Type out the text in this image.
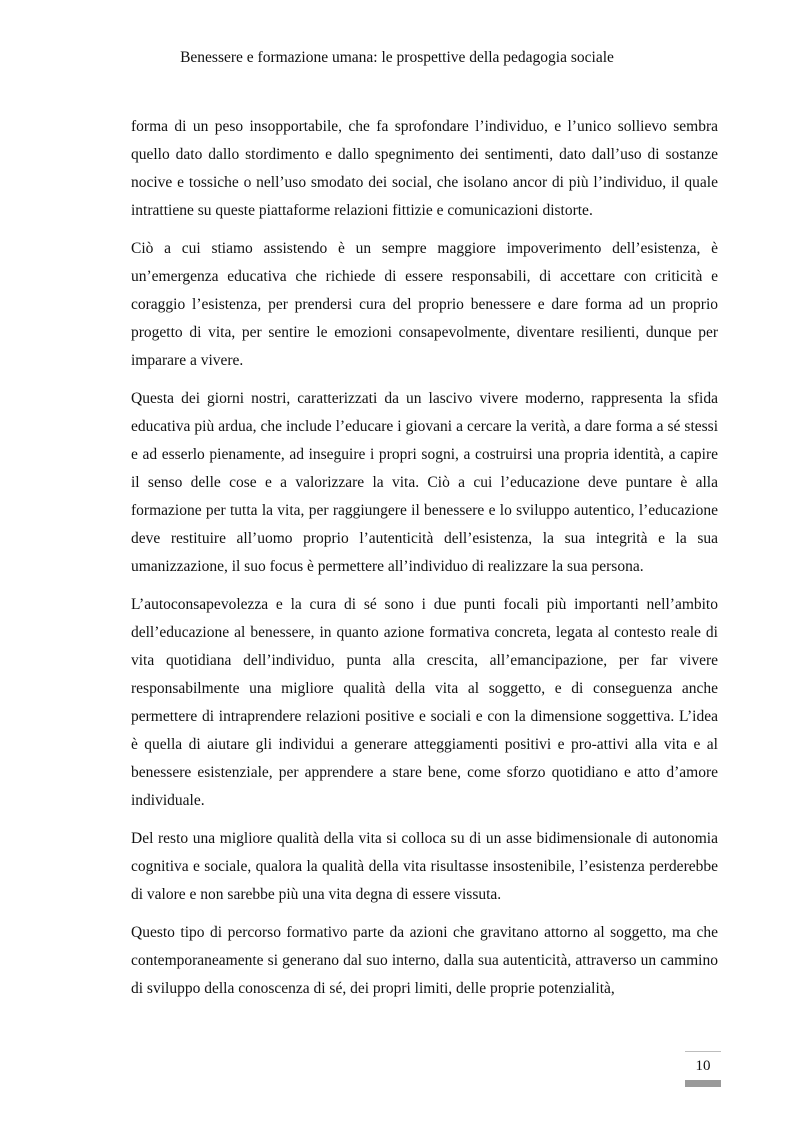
Benessere e formazione umana: le prospettive della pedagogia sociale

forma di un peso insopportabile, che fa sprofondare l’individuo, e l’unico sollievo sembra quello dato dallo stordimento e dallo spegnimento dei sentimenti, dato dall’uso di sostanze nocive e tossiche o nell’uso smodato dei social, che isolano ancor di più l’individuo, il quale intrattiene su queste piattaforme relazioni fittizie e comunicazioni distorte.

Ciò a cui stiamo assistendo è un sempre maggiore impoverimento dell’esistenza, è un’emergenza educativa che richiede di essere responsabili, di accettare con criticità e coraggio l’esistenza, per prendersi cura del proprio benessere e dare forma ad un proprio progetto di vita, per sentire le emozioni consapevolmente, diventare resilienti, dunque per imparare a vivere.

Questa dei giorni nostri, caratterizzati da un lascivo vivere moderno, rappresenta la sfida educativa più ardua, che include l’educare i giovani a cercare la verità, a dare forma a sé stessi e ad esserlo pienamente, ad inseguire i propri sogni, a costruirsi una propria identità, a capire il senso delle cose e a valorizzare la vita. Ciò a cui l’educazione deve puntare è alla formazione per tutta la vita, per raggiungere il benessere e lo sviluppo autentico, l’educazione deve restituire all’uomo proprio l’autenticità dell’esistenza, la sua integrità e la sua umanizzazione, il suo focus è permettere all’individuo di realizzare la sua persona.

L’autoconsapevolezza e la cura di sé sono i due punti focali più importanti nell’ambito dell’educazione al benessere, in quanto azione formativa concreta, legata al contesto reale di vita quotidiana dell’individuo, punta alla crescita, all’emancipazione, per far vivere responsabilmente una migliore qualità della vita al soggetto, e di conseguenza anche permettere di intraprendere relazioni positive e sociali e con la dimensione soggettiva. L’idea è quella di aiutare gli individui a generare atteggiamenti positivi e pro-attivi alla vita e al benessere esistenziale, per apprendere a stare bene, come sforzo quotidiano e atto d’amore individuale.

Del resto una migliore qualità della vita si colloca su di un asse bidimensionale di autonomia cognitiva e sociale, qualora la qualità della vita risultasse insostenibile, l’esistenza perderebbe di valore e non sarebbe più una vita degna di essere vissuta.

Questo tipo di percorso formativo parte da azioni che gravitano attorno al soggetto, ma che contemporaneamente si generano dal suo interno, dalla sua autenticità, attraverso un cammino di sviluppo della conoscenza di sé, dei propri limiti, delle proprie potenzialità,

10
